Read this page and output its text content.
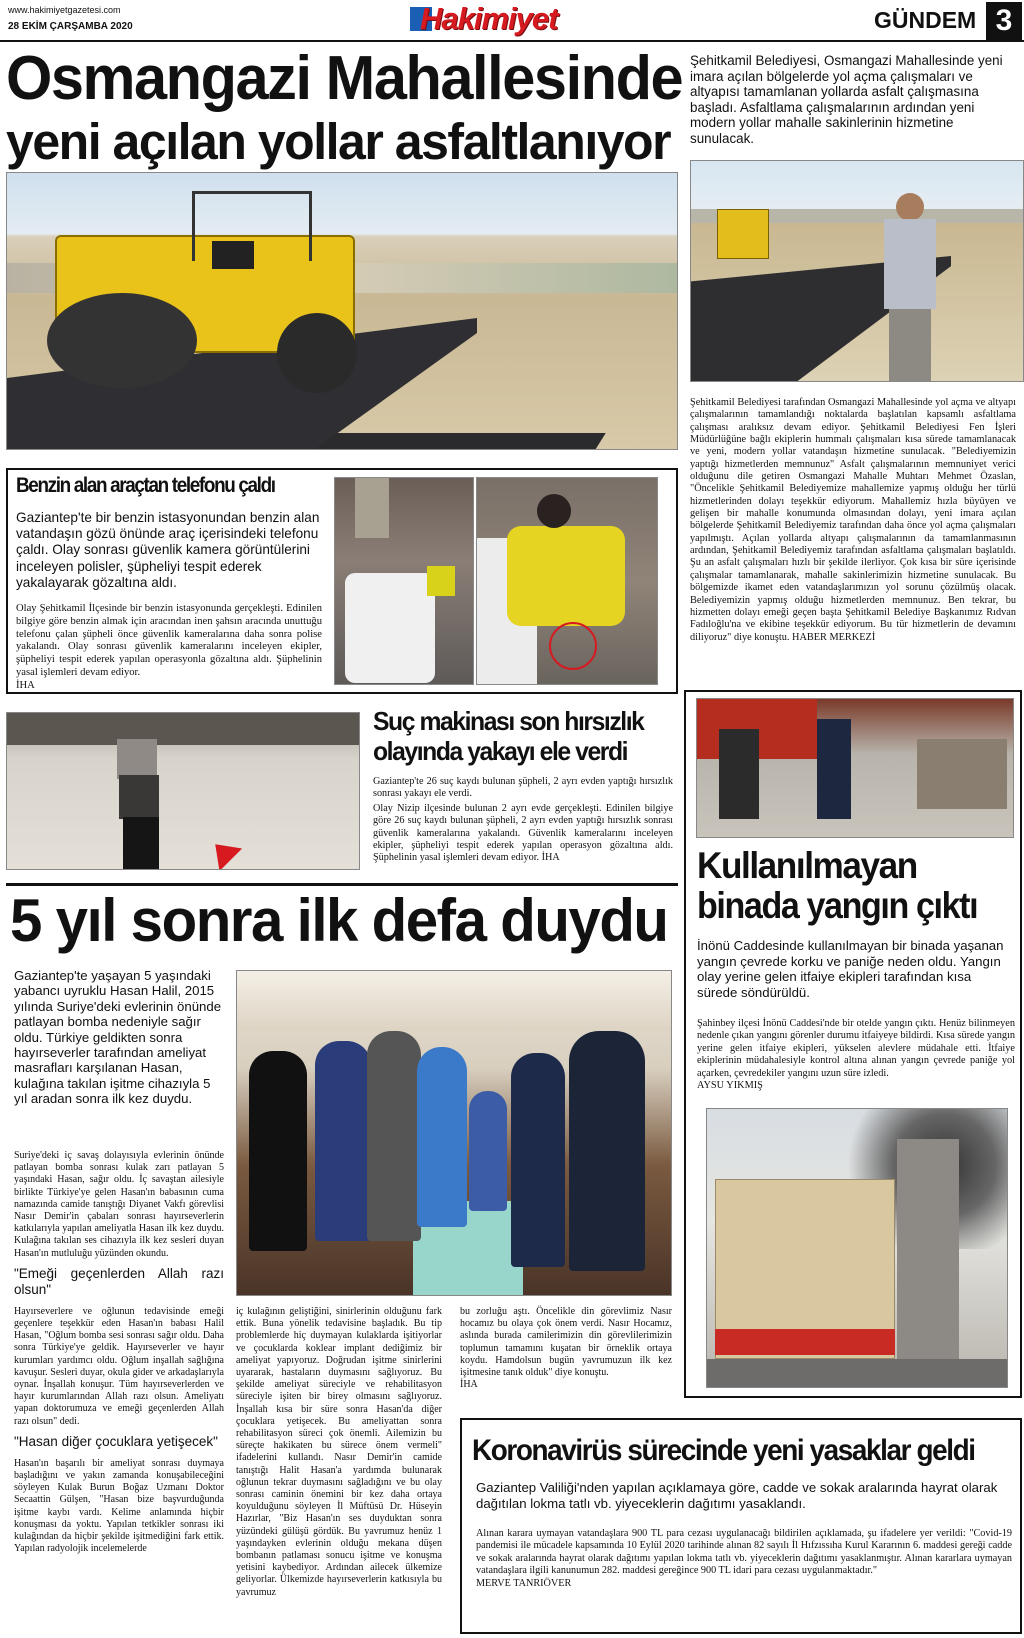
www.hakimiyetgazetesi.com
28 EKİM ÇARŞAMBA 2020	Hakimiyet	GÜNDEM 3
Osmangazi Mahallesinde
yeni açılan yollar asfaltlanıyor
Şehitkamil Belediyesi, Osmangazi Mahallesinde yeni imara açılan bölgelerde yol açma çalışmaları ve altyapısı tamamlanan yollarda asfalt çalışmasına başladı. Asfaltlama çalışmalarının ardından yeni modern yollar mahalle sakinlerinin hizmetine sunulacak.
Şehitkamil Belediyesi tarafından Osmangazi Mahallesinde yol açma ve altyapı çalışmalarının tamamlandığı noktalarda başlatılan kapsamlı asfaltlama çalışması aralıksız devam ediyor. Şehitkamil Belediyesi Fen İşleri Müdürlüğüne bağlı ekiplerin hummalı çalışmaları kısa sürede tamamlanacak ve yeni, modern yollar vatandaşın hizmetine sunulacak. "Belediyemizin yaptığı hizmetlerden memnunuz" Asfalt çalışmalarının memnuniyet verici olduğunu dile getiren Osmangazi Mahalle Muhtarı Mehmet Özaslan, "Öncelikle Şehitkamil Belediyemize mahallemize yapmış olduğu her türlü hizmetlerinden dolayı teşekkür ediyorum. Mahallemiz hızla büyüyen ve gelişen bir mahalle konumunda olmasından dolayı, yeni imara açılan bölgelerde Şehitkamil Belediyemiz tarafından daha önce yol açma çalışmaları yapılmıştı. Açılan yollarda altyapı çalışmalarının da tamamlanmasının ardından, Şehitkamil Belediyemiz tarafından asfaltlama çalışmaları başlatıldı. Şu an asfalt çalışmaları hızlı bir şekilde ilerliyor. Çok kısa bir süre içerisinde çalışmalar tamamlanarak, mahalle sakinlerimizin hizmetine sunulacak. Bu bölgemizde ikamet eden vatandaşlarımızın yol sorunu çözülmüş olacak. Belediyemizin yapmış olduğu hizmetlerden memnunuz. Ben tekrar, bu hizmetten dolayı emeği geçen başta Şehitkamil Belediye Başkanımız Rıdvan Fadıloğlu'na ve ekibine teşekkür ediyorum. Bu tür hizmetlerin de devamını diliyoruz" diye konuştu. HABER MERKEZİ
Benzin alan araçtan telefonu çaldı
Gaziantep'te bir benzin istasyonundan benzin alan vatandaşın gözü önünde araç içerisindeki telefonu çaldı. Olay sonrası güvenlik kamera görüntülerini inceleyen polisler, şüpheliyi tespit ederek yakalayarak gözaltına aldı.
Olay Şehitkamil İlçesinde bir benzin istasyonunda gerçekleşti. Edinilen bilgiye göre benzin almak için aracından inen şahsın aracında unuttuğu telefonu çalan şüpheli önce güvenlik kameralarına daha sonra polise yakalandı. Olay sonrası güvenlik kameralarını inceleyen ekipler, şüpheliyi tespit ederek yapılan operasyonla gözaltına aldı. Şüphelinin yasal işlemleri devam ediyor.
İHA
Suç makinası son hırsızlık
olayında yakayı ele verdi

Gaziantep'te 26 suç kaydı bulunan şüpheli, 2 ayrı evden yaptığı hırsızlık sonrası yakayı ele verdi.

Olay Nizip ilçesinde bulunan 2 ayrı evde gerçekleşti. Edinilen bilgiye göre 26 suç kaydı bulunan şüpheli, 2 ayrı evden yaptığı hırsızlık sonrası güvenlik kameralarına yakalandı. Güvenlik kameralarını inceleyen ekipler, şüpheliyi tespit ederek yapılan operasyon gözaltına aldı. Şüphelinin yasal işlemleri devam ediyor. İHA	Kullanılmayan
binada yangın çıktı
İnönü Caddesinde kullanılmayan bir binada yaşanan yangın çevrede korku ve paniğe neden oldu. Yangın olay yerine gelen itfaiye ekipleri tarafından kısa sürede söndürüldü.
Şahinbey ilçesi İnönü Caddesi'nde bir otelde yangın çıktı. Henüz bilinmeyen nedenle çıkan yangını görenler durumu itfaiyeye bildirdi. Kısa sürede yangın yerine gelen itfaiye ekipleri, yükselen alevlere müdahale etti. İtfaiye ekiplerinin müdahalesiyle kontrol altına alınan yangın çevrede paniğe yol açarken, çevredekiler yangını uzun süre izledi.
AYSU YIKMIŞ
5 yıl sonra ilk defa duydu
Gaziantep'te yaşayan 5 yaşındaki yabancı uyruklu Hasan Halil, 2015 yılında Suriye'deki evlerinin önünde patlayan bomba nedeniyle sağır oldu. Türkiye geldikten sonra hayırseverler tarafından ameliyat masrafları karşılanan Hasan, kulağına takılan işitme cihazıyla 5 yıl aradan sonra ilk kez duydu.

Suriye'deki iç savaş dolayısıyla evlerinin önünde patlayan bomba sonrası kulak zarı patlayan 5 yaşındaki Hasan, sağır oldu. İç savaştan ailesiyle birlikte Türkiye'ye gelen Hasan'ın babasının cuma namazında camide tanıştığı Diyanet Vakfı görevlisi Nasır Demir'in çabaları sonrası hayırseverlerin katkılarıyla yapılan ameliyatla Hasan ilk kez duydu. Kulağına takılan ses cihazıyla ilk kez sesleri duyan Hasan'ın mutluluğu yüzünden okundu.

"Emeği geçenlerden Allah razı olsun"

Hayırseverlere ve oğlunun tedavisinde emeği geçenlere teşekkür eden Hasan'ın babası Halil Hasan, "Oğlum bomba sesi sonrası sağır oldu. Daha sonra Türkiye'ye geldik. Hayırseverler ve hayır kurumları yardımcı oldu. Oğlum inşallah sağlığına kavuşur. Sesleri duyar, okula gider ve arkadaşlarıyla oynar. İnşallah konuşur. Tüm hayırseverlerden ve hayır kurumlarından Allah razı olsun. Ameliyatı yapan doktorumuza ve emeği geçenlerden Allah razı olsun" dedi.

"Hasan diğer çocuklara yetişecek"

Hasan'ın başarılı bir ameliyat sonrası duymaya başladığını ve yakın zamanda konuşabileceğini söyleyen Kulak Burun Boğaz Uzmanı Doktor Secaattin Gülşen, "Hasan bize başvurduğunda işitme kaybı vardı. Kelime anlamında hiçbir konuşması da yoktu. Yapılan tetkikler sonrası iki kulağından da hiçbir şekilde işitmediğini fark ettik. Yapılan radyolojik incelemelerde

iç kulağının geliştiğini, sinirlerinin olduğunu fark ettik. Buna yönelik tedavisine başladık. Bu tip problemlerde hiç duymayan kulaklarda işitiyorlar ve çocuklarda koklear implant dediğimiz bir ameliyat yapıyoruz. Doğrudan işitme sinirlerini uyararak, hastaların duymasını sağlıyoruz. Bu şekilde ameliyat süreciyle ve rehabilitasyon süreciyle işiten bir birey olmasını sağlıyoruz. İnşallah kısa bir süre sonra Hasan'da diğer çocuklara yetişecek. Bu ameliyattan sonra rehabilitasyon süreci çok önemli. Ailemizin bu süreçte hakikaten bu sürece önem vermeli" ifadelerini kullandı. Nasır Demir'in camide tanıştığı Halit Hasan'a yardımda bulunarak oğlunun tekrar duymasını sağladığını ve bu olay sonrası caminin önemini bir kez daha ortaya koyulduğunu söyleyen İl Müftüsü Dr. Hüseyin Hazırlar, "Biz Hasan'ın ses duyduktan sonra yüzündeki gülüşü gördük. Bu yavrumuz henüz 1 yaşındayken evlerinin olduğu mekana düşen bombanın patlaması sonucu işitme ve konuşma yetisini kaybediyor. Ardından ailecek ülkemize geliyorlar. Ülkemizde hayırseverlerin katkısıyla bu yavrumuz
bu zorluğu aştı. Öncelikle din görevlimiz Nasır hocamız bu olaya çok önem verdi. Nasır Hocamız, aslında burada camilerimizin din görevlilerimizin toplumun tamamını kuşatan bir örneklik ortaya koydu. Hamdolsun bugün yavrumuzun ilk kez işitmesine tanık olduk" diye konuştu.
İHA
Koronavirüs sürecinde yeni yasaklar geldi
Gaziantep Valiliği'nden yapılan açıklamaya göre, cadde ve sokak aralarında hayrat olarak dağıtılan lokma tatlı vb. yiyeceklerin dağıtımı yasaklandı.
Alınan karara uymayan vatandaşlara 900 TL para cezası uygulanacağı bildirilen açıklamada, şu ifadelere yer verildi: "Covid-19 pandemisi ile mücadele kapsamında 10 Eylül 2020 tarihinde alınan 82 sayılı İl Hıfzıssıha Kurul Kararının 6. maddesi gereği cadde ve sokak aralarında hayrat olarak dağıtımı yapılan lokma tatlı vb. yiyeceklerin dağıtımı yasaklanmıştır. Alınan kararlara uymayan vatandaşlara ilgili kanunumun 282. maddesi gereğince 900 TL idari para cezası uygulanmaktadır."
MERVE TANRIÖVER
